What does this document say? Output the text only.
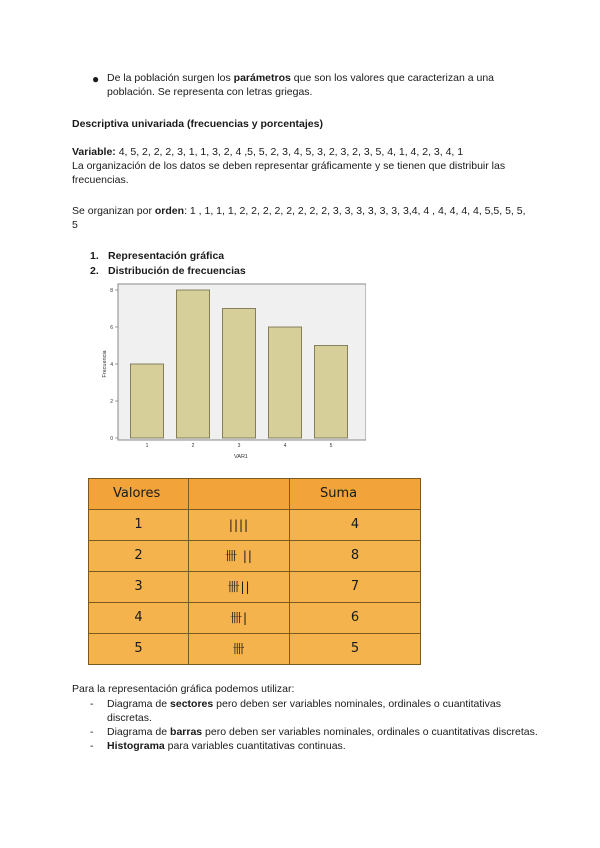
● De la población surgen los parámetros que son los valores que caracterizan a una población. Se representa con letras griegas.
Descriptiva univariada (frecuencias y porcentajes)
Variable: 4, 5, 2, 2, 2, 3, 1, 1, 3, 2, 4 ,5, 5, 2, 3, 4, 5, 3, 2, 3, 2, 3, 5, 4, 1, 4, 2, 3, 4, 1
La organización de los datos se deben representar gráficamente y se tienen que distribuir las frecuencias.
Se organizan por orden: 1 , 1, 1, 1, 2, 2, 2, 2, 2, 2, 2, 2, 3, 3, 3, 3, 3, 3, 3,4, 4 , 4, 4, 4, 4, 5,5, 5, 5, 5
1. Representación gráfica
2. Distribución de frecuencias
1	2	3	4	5
0
2
4
6
8
VAR1
Frecuencia
Valores		Suma
1	||||	4
2	卌 ||	8
3	卌||	7
4	卌|	6
5	卌	5
Para la representación gráfica podemos utilizar:
- Diagrama de sectores pero deben ser variables nominales, ordinales o cuantitativas discretas.
- Diagrama de barras pero deben ser variables nominales, ordinales o cuantitativas discretas.
- Histograma para variables cuantitativas continuas.
